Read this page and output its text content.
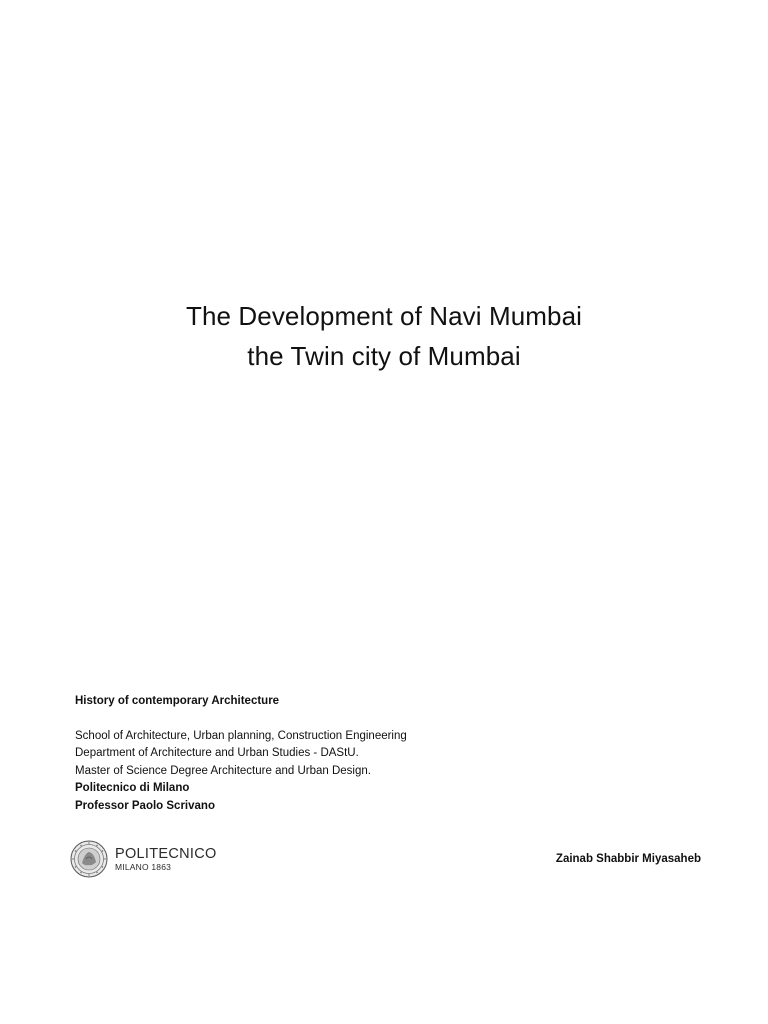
The Development of Navi Mumbai
the Twin city of Mumbai
History of contemporary Architecture
School of Architecture, Urban planning, Construction Engineering
Department of Architecture and Urban Studies - DAStU.
Master of Science Degree Architecture and Urban Design.
Politecnico di Milano
Professor Paolo Scrivano
POLITECNICO
MILANO 1863
Zainab Shabbir Miyasaheb
